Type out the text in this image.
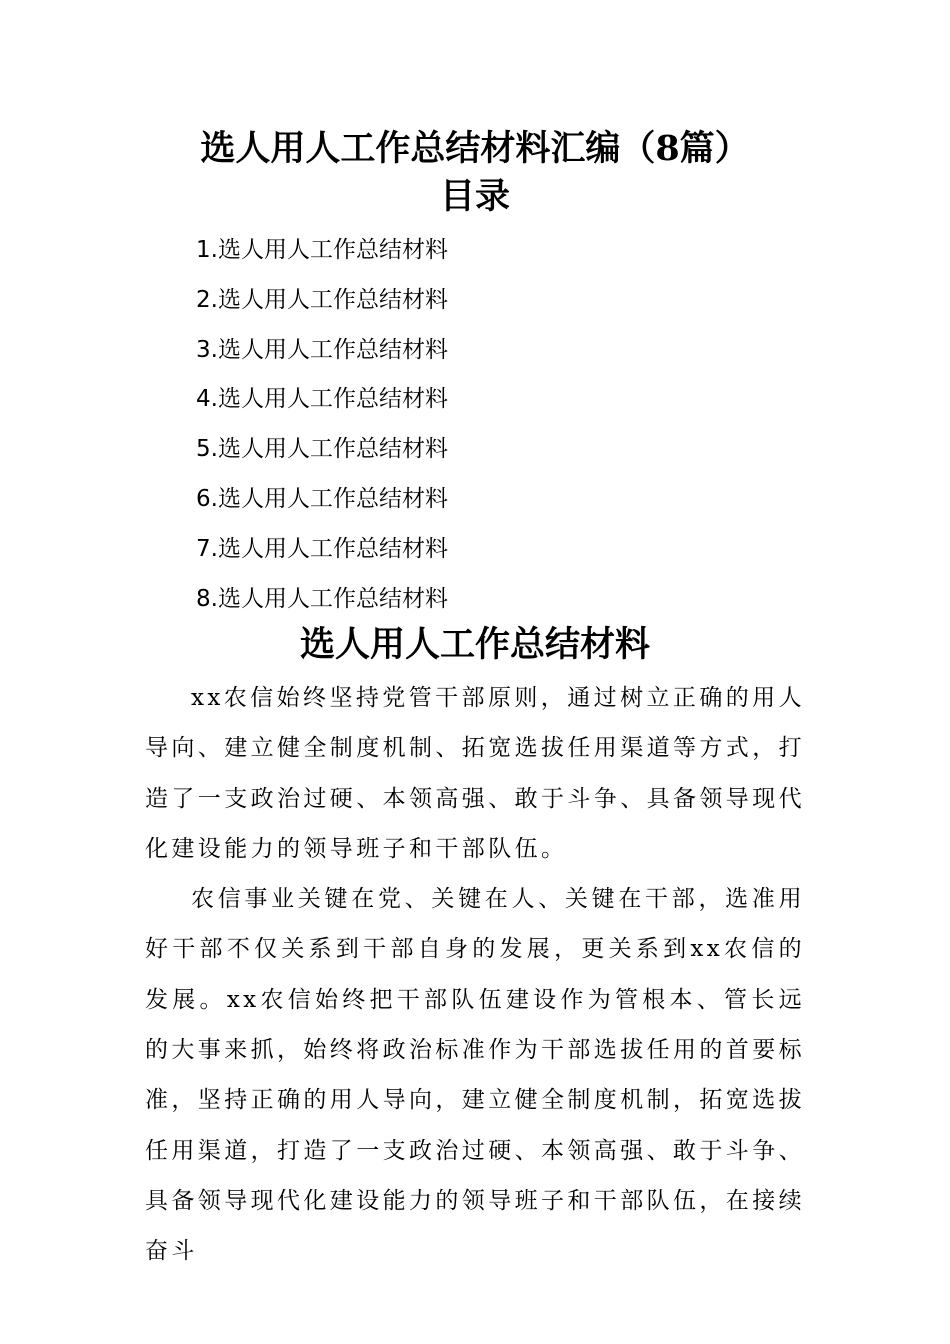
选人用人工作总结材料汇编（8篇）
目录
1.选人用人工作总结材料
2.选人用人工作总结材料
3.选人用人工作总结材料
4.选人用人工作总结材料
5.选人用人工作总结材料
6.选人用人工作总结材料
7.选人用人工作总结材料
8.选人用人工作总结材料
选人用人工作总结材料

xx农信始终坚持党管干部原则，通过树立正确的用人导向、建立健全制度机制、拓宽选拔任用渠道等方式，打造了一支政治过硬、本领高强、敢于斗争、具备领导现代化建设能力的领导班子和干部队伍。

农信事业关键在党、关键在人、关键在干部，选准用好干部不仅关系到干部自身的发展，更关系到xx农信的发展。xx农信始终把干部队伍建设作为管根本、管长远的大事来抓，始终将政治标准作为干部选拔任用的首要标准，坚持正确的用人导向，建立健全制度机制，拓宽选拔任用渠道，打造了一支政治过硬、本领高强、敢于斗争、具备领导现代化建设能力的领导班子和干部队伍，在接续奋斗
